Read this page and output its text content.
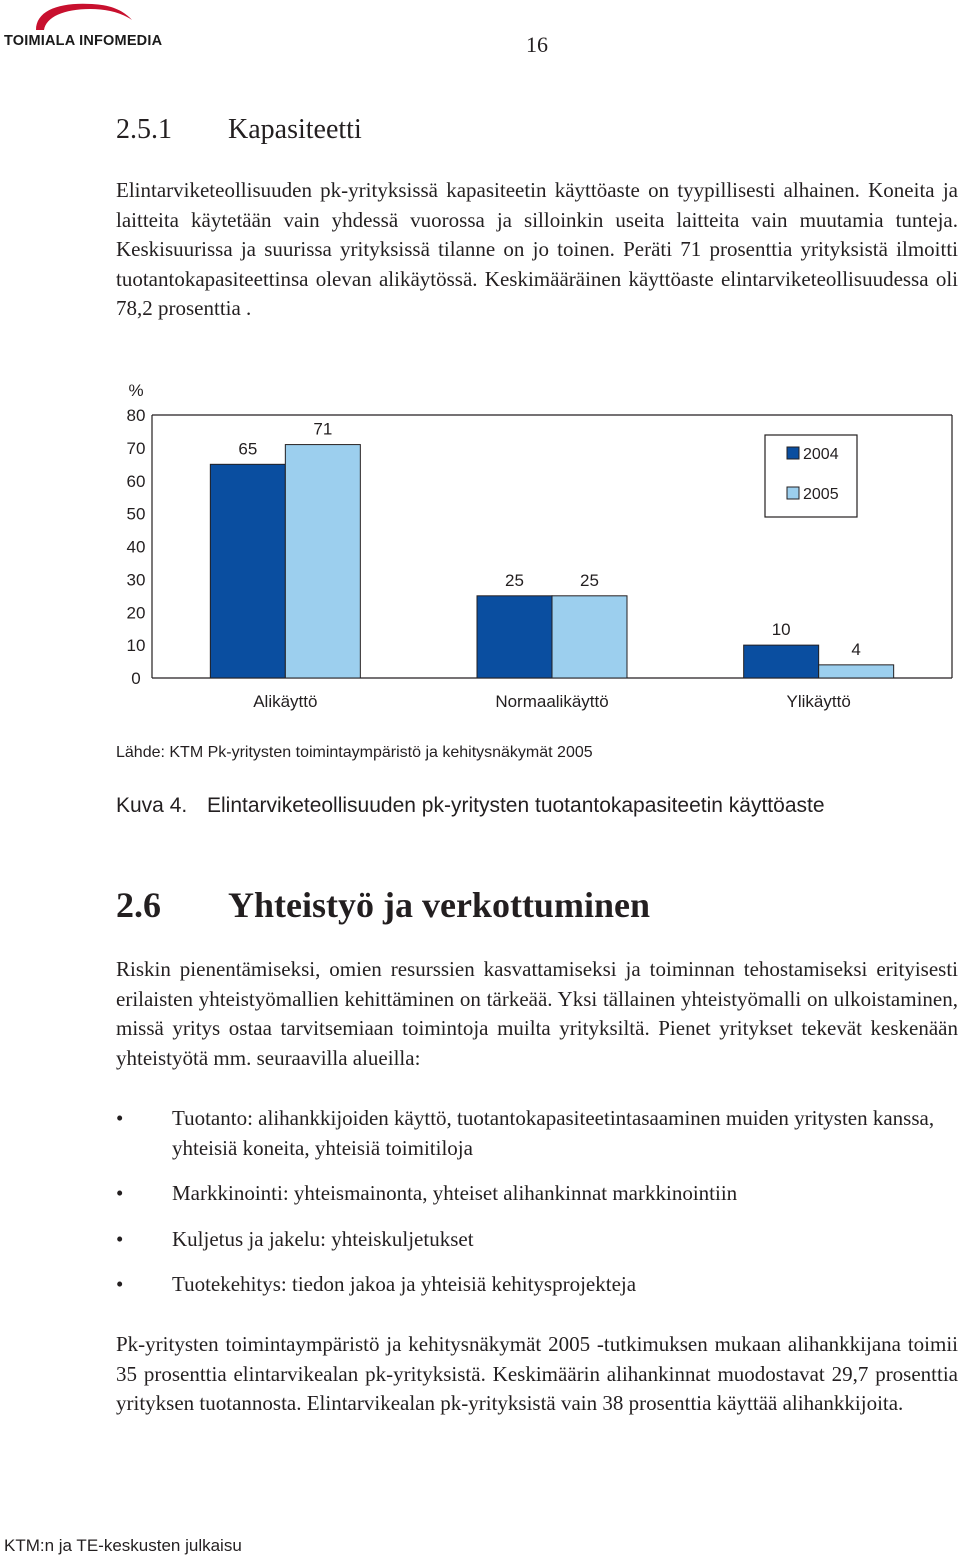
TOIMIALA INFOMEDIA	16
2.5.1 Kapasiteetti
Elintarviketeollisuuden pk-yrityksissä kapasiteetin käyttöaste on tyypillisesti alhainen. Koneita ja laitteita käytetään vain yhdessä vuorossa ja silloinkin useita laitteita vain muutamia tunteja. Keskisuurissa ja suurissa yrityksissä tilanne on jo toinen. Peräti 71 prosenttia yrityksistä ilmoitti tuotantokapasiteettinsa olevan alikäytössä. Keskimääräinen käyttöaste elintarviketeollisuudessa oli 78,2 prosenttia .
%
0
10
20
30
40
50
60
70
80
65
71
Alikäyttö
25	25
Normaalikäyttö
10
4
Ylikäyttö
2004
2005
Lähde: KTM Pk-yritysten toimintaympäristö ja kehitysnäkymät 2005
Kuva 4. Elintarviketeollisuuden pk-yritysten tuotantokapasiteetin käyttöaste
2.6 Yhteistyö ja verkottuminen
Riskin pienentämiseksi, omien resurssien kasvattamiseksi ja toiminnan tehostamiseksi erityisesti erilaisten yhteistyömallien kehittäminen on tärkeää. Yksi tällainen yhteistyömalli on ulkoistaminen, missä yritys ostaa tarvitsemiaan toimintoja muilta yrityksiltä. Pienet yritykset tekevät keskenään yhteistyötä mm. seuraavilla alueilla:
• Tuotanto: alihankkijoiden käyttö, tuotantokapasiteetintasaaminen muiden yritysten kanssa, yhteisiä koneita, yhteisiä toimitiloja
• Markkinointi: yhteismainonta, yhteiset alihankinnat markkinointiin
• Kuljetus ja jakelu: yhteiskuljetukset
• Tuotekehitys: tiedon jakoa ja yhteisiä kehitysprojekteja
Pk-yritysten toimintaympäristö ja kehitysnäkymät 2005 -tutkimuksen mukaan alihankkijana toimii 35 prosenttia elintarvikealan pk-yrityksistä. Keskimäärin alihankinnat muodostavat 29,7 prosenttia yrityksen tuotannosta. Elintarvikealan pk-yrityksistä vain 38 prosenttia käyttää alihankkijoita.
KTM:n ja TE-keskusten julkaisu
